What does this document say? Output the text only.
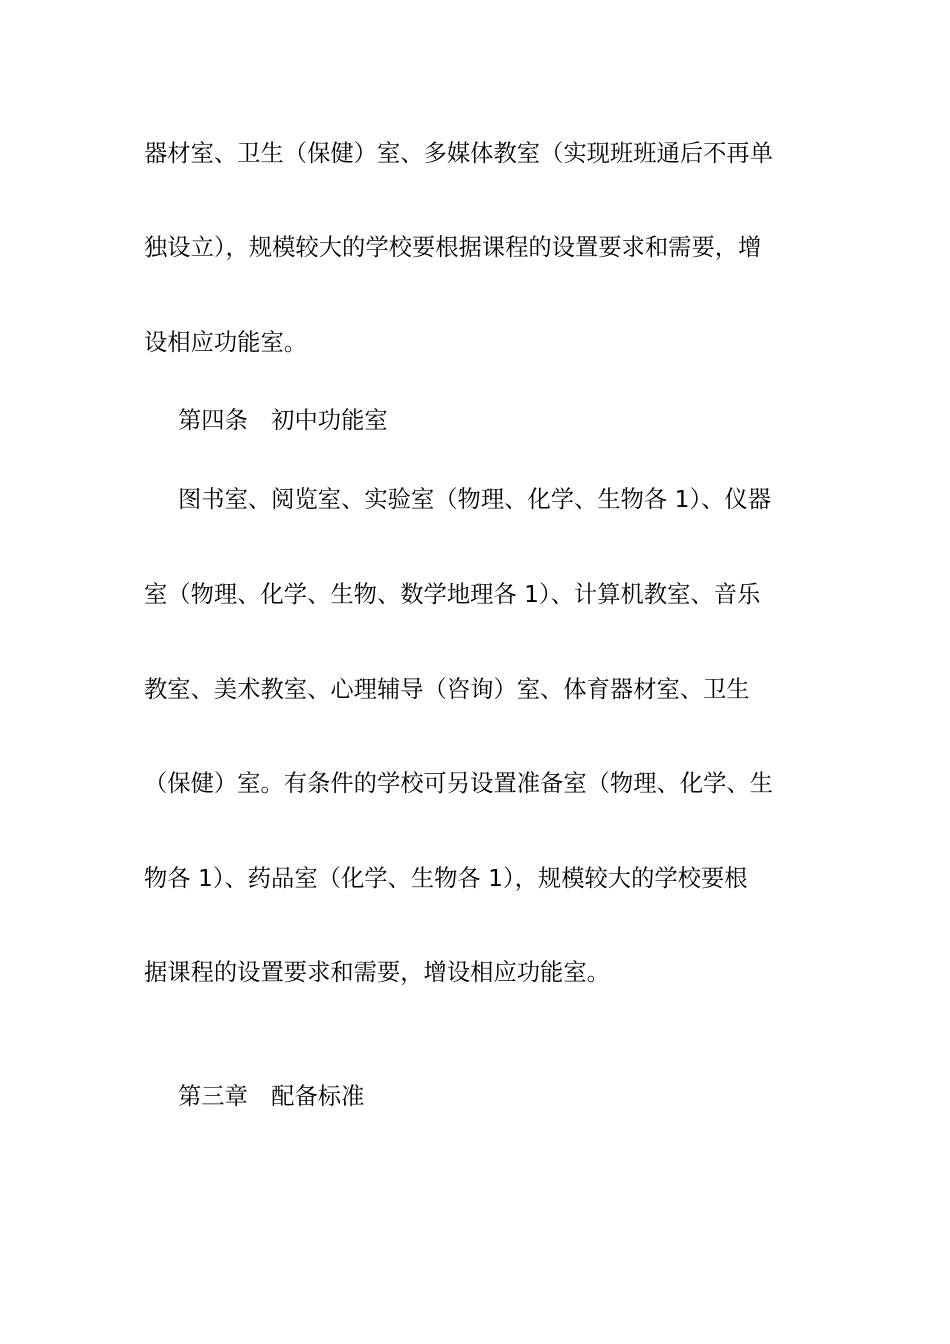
器材室、卫生（保健）室、多媒体教室（实现班班通后不再单
独设立），规模较大的学校要根据课程的设置要求和需要，增
设相应功能室。
第四条　初中功能室
图书室、阅览室、实验室（物理、化学、生物各 1）、仪器
室（物理、化学、生物、数学地理各 1）、计算机教室、音乐
教室、美术教室、心理辅导（咨询）室、体育器材室、卫生
（保健）室。有条件的学校可另设置准备室（物理、化学、生
物各 1）、药品室（化学、生物各 1），规模较大的学校要根
据课程的设置要求和需要，增设相应功能室。
第三章　配备标准
